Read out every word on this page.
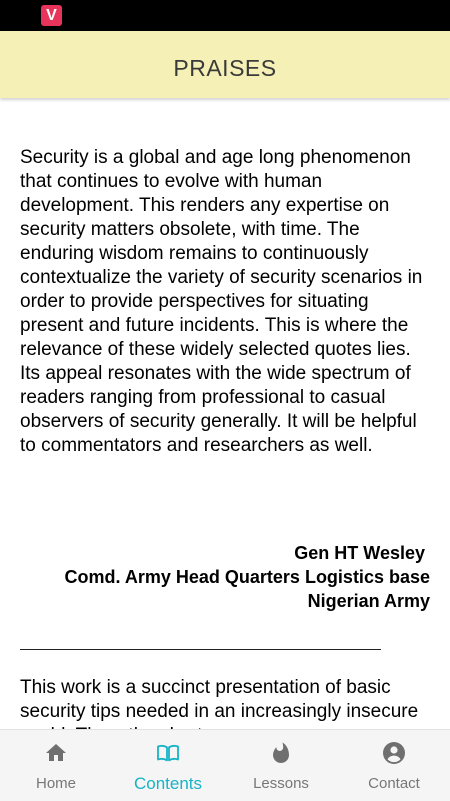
V
PRAISES

Security is a global and age long phenomenon that continues to evolve with human development. This renders any expertise on security matters obsolete, with time. The enduring wisdom remains to continuously contextualize the variety of security scenarios in order to provide perspectives for situating present and future incidents. This is where the relevance of these widely selected quotes lies. Its appeal resonates with the wide spectrum of readers ranging from professional to casual observers of security generally. It will be helpful to commentators and researchers as well.

Gen HT Wesley
Comd. Army Head Quarters Logistics base
Nigerian Army

This work is a succinct presentation of basic security tips needed in an increasingly insecure

Home	Contents	Lessons	Contact
